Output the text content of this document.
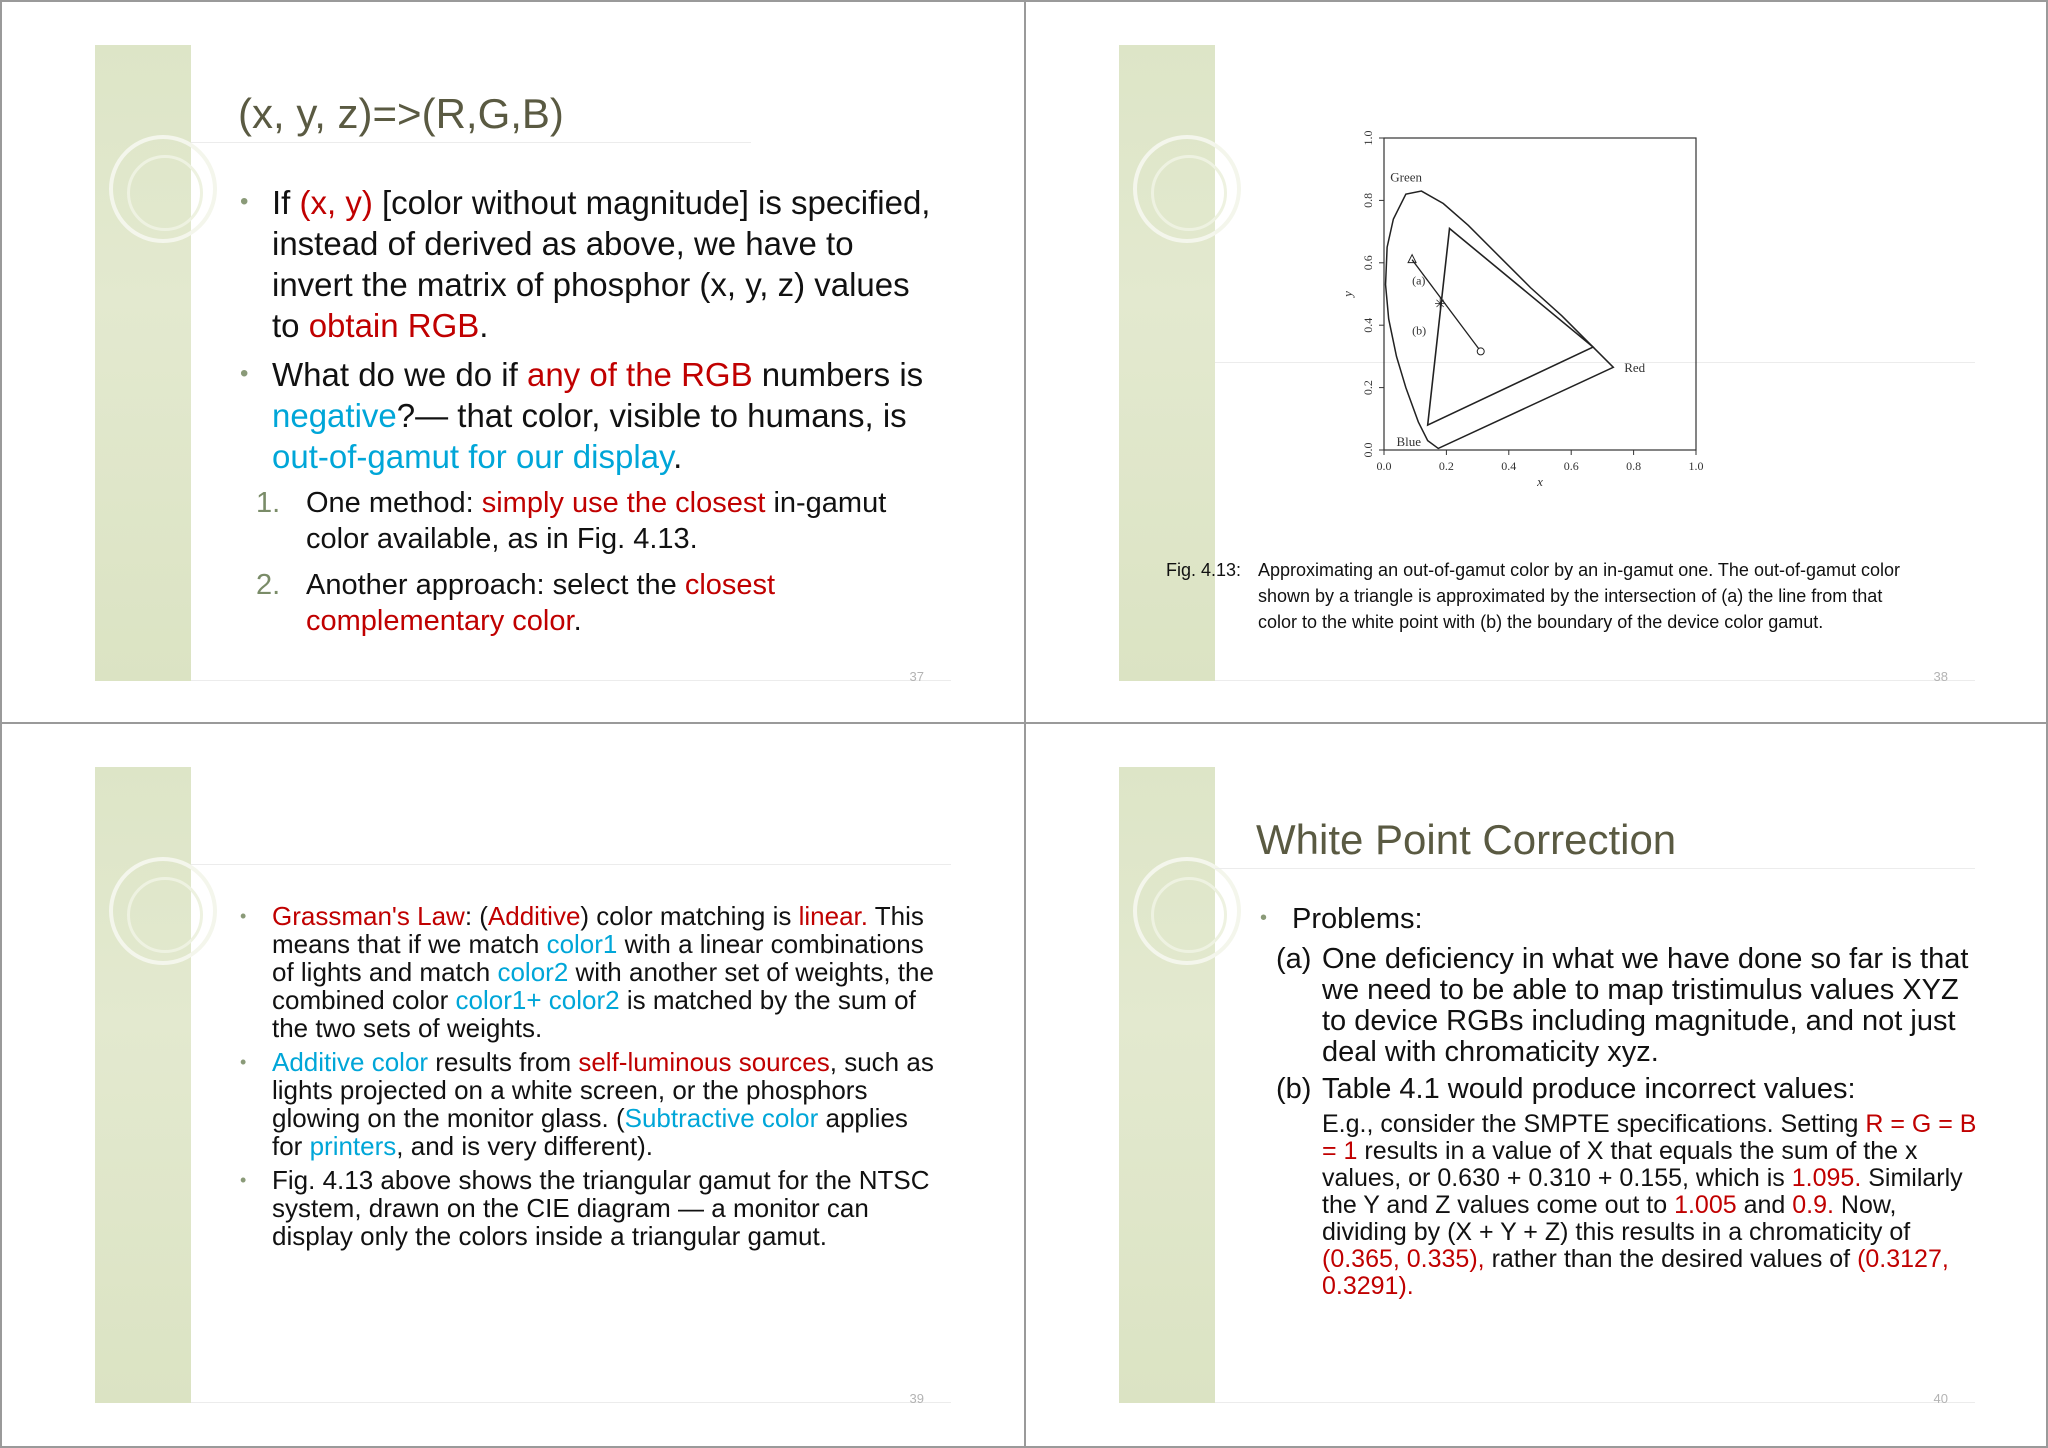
(x, y, z)=>(R,G,B)
• If (x, y) [color without magnitude] is specified, instead of derived as above, we have to invert the matrix of phosphor (x, y, z) values to obtain RGB.
• What do we do if any of the RGB numbers is negative?— that color, visible to humans, is out-of-gamut for our display.
1. One method: simply use the closest in-gamut color available, as in Fig. 4.13.
2. Another approach: select the closest complementary color.
37
✳
0.0	0.2	0.4	0.6	0.8	1.0
0.0
0.2
0.4
0.6
0.8
1.0
x
y
(a)
(b)
Green
Red
Blue
Fig. 4.13: Approximating an out-of-gamut color by an in-gamut one. The out-of-gamut color shown by a triangle is approximated by the intersection of (a) the line from that color to the white point with (b) the boundary of the device color gamut.
38
• Grassman's Law: (Additive) color matching is linear. This means that if we match color1 with a linear combinations of lights and match color2 with another set of weights, the combined color color1+ color2 is matched by the sum of the two sets of weights.
• Additive color results from self-luminous sources, such as lights projected on a white screen, or the phosphors glowing on the monitor glass. (Subtractive color applies for printers, and is very different).
• Fig. 4.13 above shows the triangular gamut for the NTSC system, drawn on the CIE diagram — a monitor can display only the colors inside a triangular gamut.
39
White Point Correction
• Problems:
(a) One deficiency in what we have done so far is that we need to be able to map tristimulus values XYZ to device RGBs including magnitude, and not just deal with chromaticity xyz.
(b) Table 4.1 would produce incorrect values:
E.g., consider the SMPTE specifications. Setting R = G = B = 1 results in a value of X that equals the sum of the x values, or 0.630 + 0.310 + 0.155, which is 1.095. Similarly the Y and Z values come out to 1.005 and 0.9. Now, dividing by (X + Y + Z) this results in a chromaticity of (0.365, 0.335), rather than the desired values of (0.3127, 0.3291).
40
